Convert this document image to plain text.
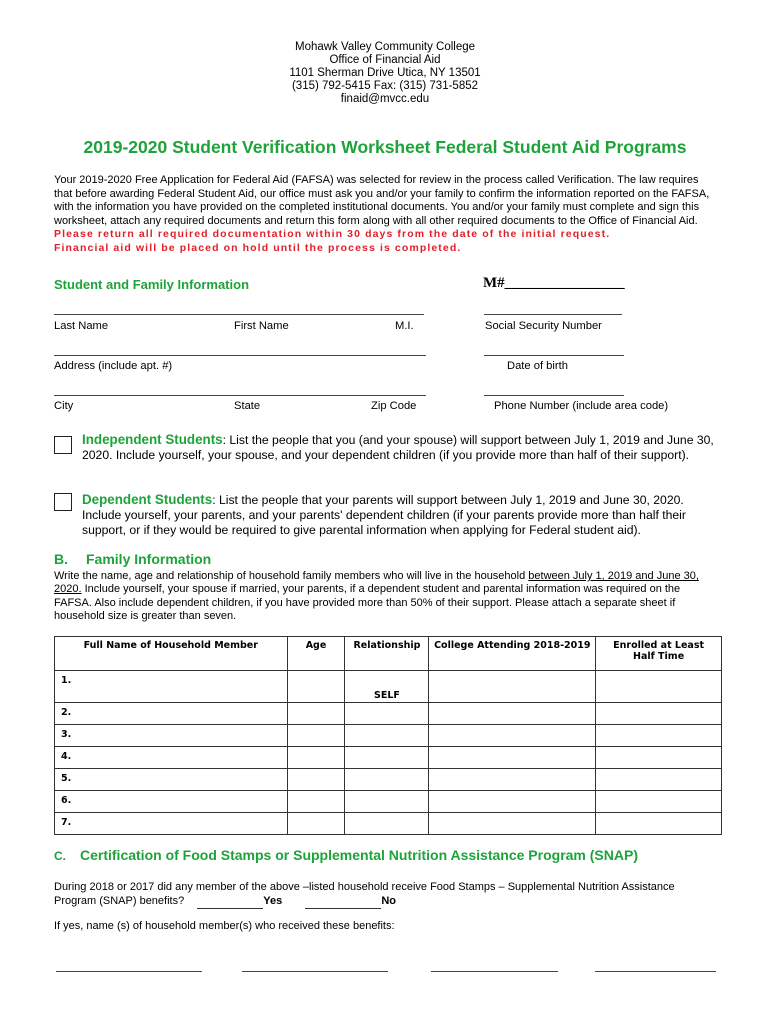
Mohawk Valley Community College
Office of Financial Aid
1101 Sherman Drive Utica, NY 13501
(315) 792-5415 Fax: (315) 731-5852
finaid@mvcc.edu
2019-2020 Student Verification Worksheet Federal Student Aid Programs
Your 2019-2020 Free Application for Federal Aid (FAFSA) was selected for review in the process called Verification. The law requires that before awarding Federal Student Aid, our office must ask you and/or your family to confirm the information reported on the FAFSA, with the information you have provided on the completed institutional documents. You and/or your family must complete and sign this worksheet, attach any required documents and return this form along with all other required documents to the Office of Financial Aid. Please return all required documentation within 30 days from the date of the initial request.
Financial aid will be placed on hold until the process is completed.
Student and Family Information	M#________________
Last Name	First Name	M.I.	Social Security Number
Address (include apt. #)	Date of birth
City	State	Zip Code	Phone Number (include area code)
Independent Students: List the people that you (and your spouse) will support between July 1, 2019 and June 30, 2020. Include yourself, your spouse, and your dependent children (if you provide more than half of their support).
Dependent Students: List the people that your parents will support between July 1, 2019 and June 30, 2020. Include yourself, your parents, and your parents' dependent children (if your parents provide more than half their support, or if they would be required to give parental information when applying for Federal student aid).
B. Family Information
Write the name, age and relationship of household family members who will live in the household between July 1, 2019 and June 30, 2020. Include yourself, your spouse if married, your parents, if a dependent student and parental information was required on the FAFSA. Also include dependent children, if you have provided more than 50% of their support. Please attach a separate sheet if household size is greater than seven.
Full Name of Household Member	Age	Relationship	College Attending 2018-2019	Enrolled at Least Half Time
1.		SELF		
2.				
3.				
4.				
5.				
6.				
7.				
C. Certification of Food Stamps or Supplemental Nutrition Assistance Program (SNAP)
During 2018 or 2017 did any member of the above –listed household receive Food Stamps – Supplemental Nutrition Assistance Program (SNAP) benefits?	Yes	No
If yes, name (s) of household member(s) who received these benefits:
